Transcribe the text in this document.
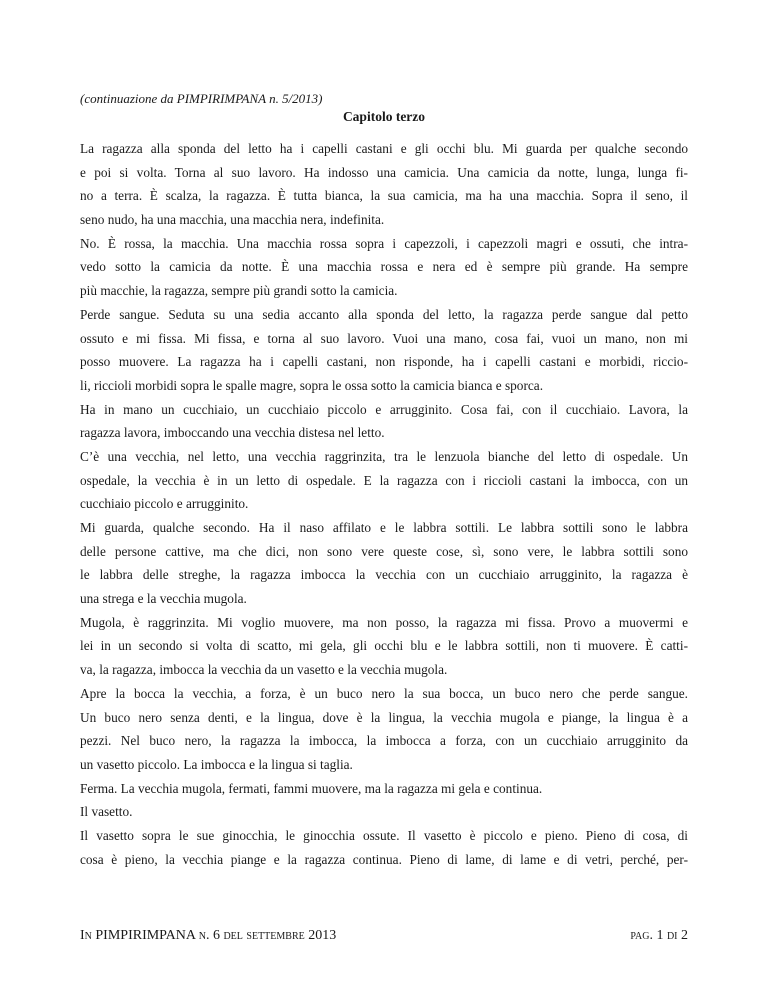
(continuazione da PIMPIRIMPANA n. 5/2013)
Capitolo terzo
La ragazza alla sponda del letto ha i capelli castani e gli occhi blu. Mi guarda per qualche secondo
e poi si volta. Torna al suo lavoro. Ha indosso una camicia. Una camicia da notte, lunga, lunga fi-
no a terra. È scalza, la ragazza. È tutta bianca, la sua camicia, ma ha una macchia. Sopra il seno, il
seno nudo, ha una macchia, una macchia nera, indefinita.
No. È rossa, la macchia. Una macchia rossa sopra i capezzoli, i capezzoli magri e ossuti, che intra-
vedo sotto la camicia da notte. È una macchia rossa e nera ed è sempre più grande. Ha sempre
più macchie, la ragazza, sempre più grandi sotto la camicia.
Perde sangue. Seduta su una sedia accanto alla sponda del letto, la ragazza perde sangue dal petto
ossuto e mi fissa. Mi fissa, e torna al suo lavoro. Vuoi una mano, cosa fai, vuoi un mano, non mi
posso muovere. La ragazza ha i capelli castani, non risponde, ha i capelli castani e morbidi, riccio-
li, riccioli morbidi sopra le spalle magre, sopra le ossa sotto la camicia bianca e sporca.
Ha in mano un cucchiaio, un cucchiaio piccolo e arrugginito. Cosa fai, con il cucchiaio. Lavora, la
ragazza lavora, imboccando una vecchia distesa nel letto.
C’è una vecchia, nel letto, una vecchia raggrinzita, tra le lenzuola bianche del letto di ospedale. Un
ospedale, la vecchia è in un letto di ospedale. E la ragazza con i riccioli castani la imbocca, con un
cucchiaio piccolo e arrugginito.
Mi guarda, qualche secondo. Ha il naso affilato e le labbra sottili. Le labbra sottili sono le labbra
delle persone cattive, ma che dici, non sono vere queste cose, sì, sono vere, le labbra sottili sono
le labbra delle streghe, la ragazza imbocca la vecchia con un cucchiaio arrugginito, la ragazza è
una strega e la vecchia mugola.
Mugola, è raggrinzita. Mi voglio muovere, ma non posso, la ragazza mi fissa. Provo a muovermi e
lei in un secondo si volta di scatto, mi gela, gli occhi blu e le labbra sottili, non ti muovere. È catti-
va, la ragazza, imbocca la vecchia da un vasetto e la vecchia mugola.
Apre la bocca la vecchia, a forza, è un buco nero la sua bocca, un buco nero che perde sangue.
Un buco nero senza denti, e la lingua, dove è la lingua, la vecchia mugola e piange, la lingua è a
pezzi. Nel buco nero, la ragazza la imbocca, la imbocca a forza, con un cucchiaio arrugginito da
un vasetto piccolo. La imbocca e la lingua si taglia.
Ferma. La vecchia mugola, fermati, fammi muovere, ma la ragazza mi gela e continua.
Il vasetto.
Il vasetto sopra le sue ginocchia, le ginocchia ossute. Il vasetto è piccolo e pieno. Pieno di cosa, di
cosa è pieno, la vecchia piange e la ragazza continua. Pieno di lame, di lame e di vetri, perché, per-
In PIMPIRIMPANA n. 6 del settembre 2013	pag. 1 di 2
